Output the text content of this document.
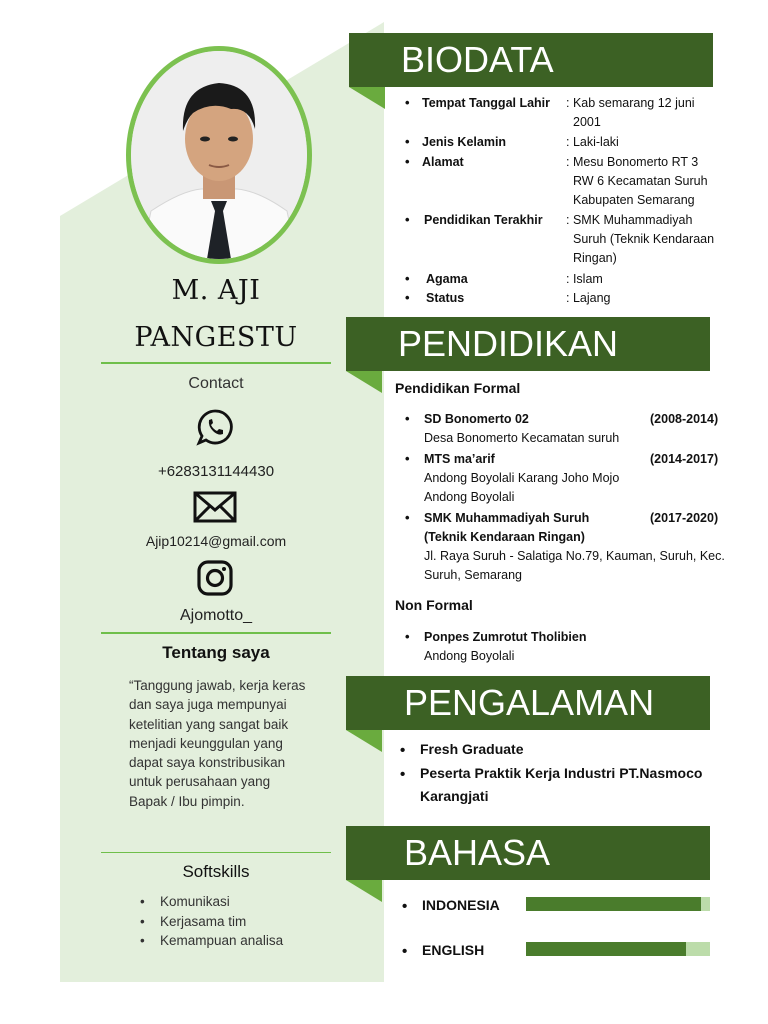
M. AJI
PANGESTU
Contact
+6283131144430
Ajip10214@gmail.com
Ajomotto_
Tentang saya
“Tanggung jawab, kerja keras dan saya juga mempunyai ketelitian yang sangat baik menjadi keunggulan yang dapat saya konstribusikan untuk perusahaan yang Bapak / Ibu pimpin.
Softskills
• Komunikasi
• Kerjasama tim
• Kemampuan analisa
BIODATA
• Tempat Tanggal Lahir : Kab semarang 12 juni
2001
• Jenis Kelamin	: Laki-laki
• Alamat	: Mesu Bonomerto RT 3
RW 6 Kecamatan Suruh
Kabupaten Semarang
• Pendidikan Terakhir : SMK Muhammadiyah
Suruh (Teknik Kendaraan
Ringan)
• Agama	: Islam
• Status	: Lajang
PENDIDIKAN
Pendidikan Formal
• SD Bonomerto 02	(2008-2014)
Desa Bonomerto Kecamatan suruh
• MTS ma’arif	(2014-2017)
Andong Boyolali Karang Joho Mojo
Andong Boyolali
• SMK Muhammadiyah Suruh	(2017-2020)
(Teknik Kendaraan Ringan)
Jl. Raya Suruh - Salatiga No.79, Kauman, Suruh, Kec.
Suruh, Semarang
Non Formal
• Ponpes Zumrotut Tholibien
Andong Boyolali
PENGALAMAN
• Fresh Graduate
• Peserta Praktik Kerja Industri PT.Nasmoco
Karangjati
BAHASA
• INDONESIA
• ENGLISH
